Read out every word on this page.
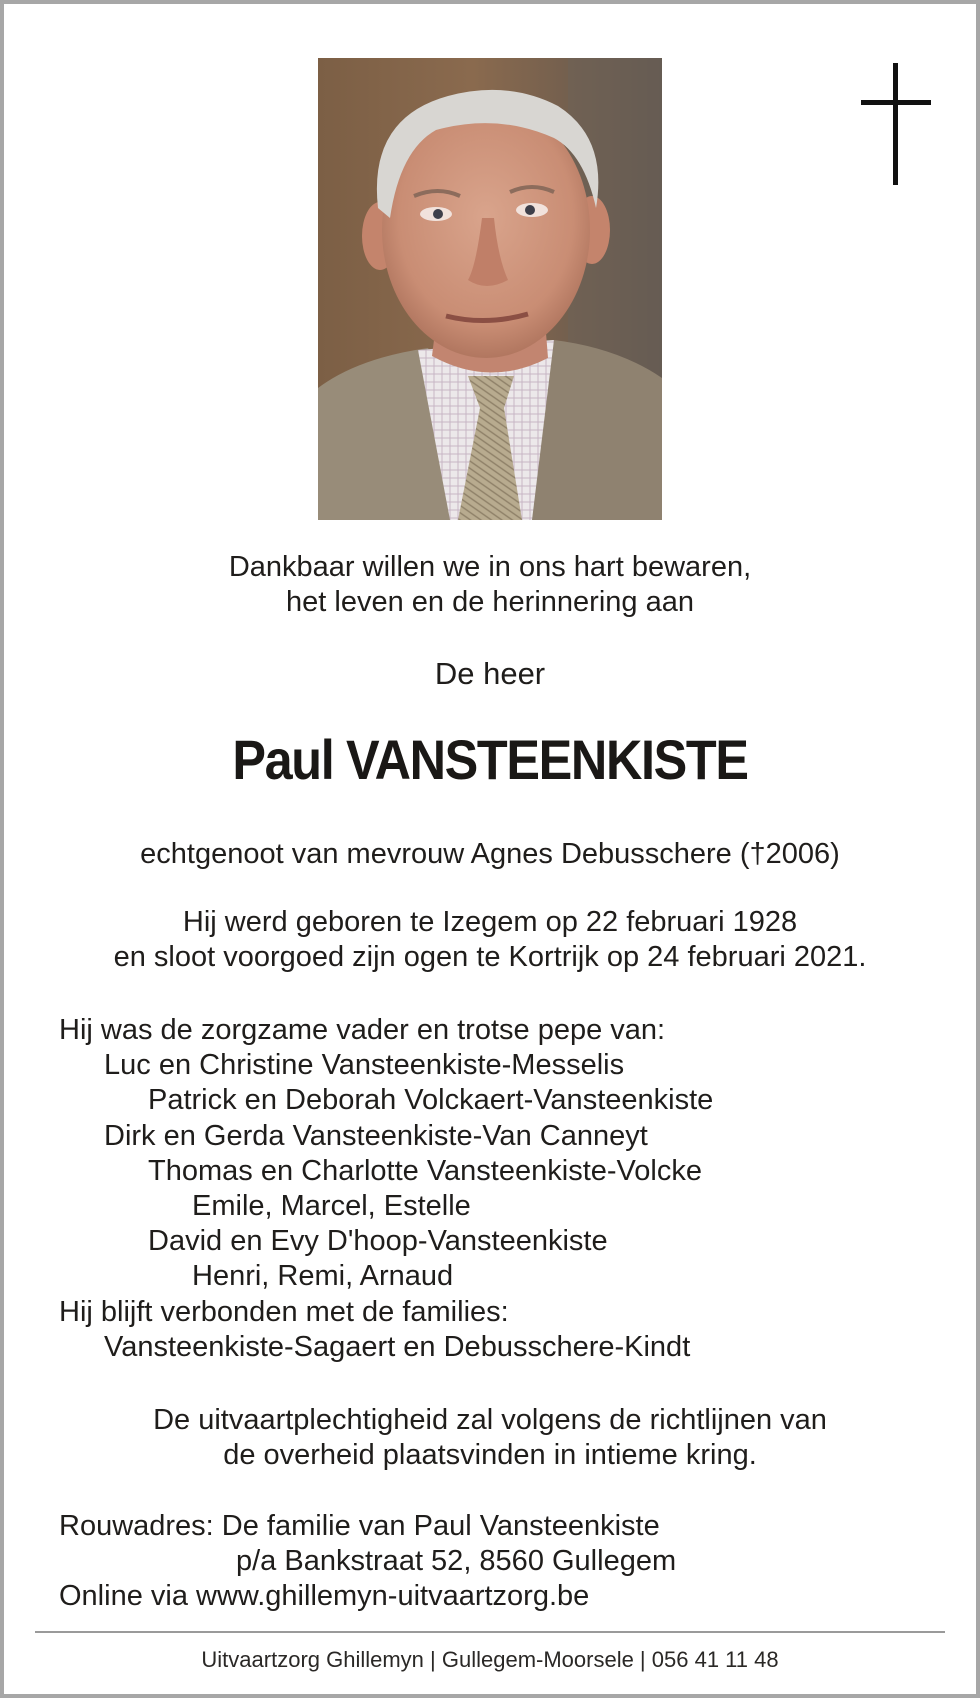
Dankbaar willen we in ons hart bewaren,
het leven en de herinnering aan
De heer
Paul VANSTEENKISTE
echtgenoot van mevrouw Agnes Debusschere (†2006)
Hij werd geboren te Izegem op 22 februari 1928
en sloot voorgoed zijn ogen te Kortrijk op 24 februari 2021.
Hij was de zorgzame vader en trotse pepe van:
Luc en Christine Vansteenkiste-Messelis
Patrick en Deborah Volckaert-Vansteenkiste
Dirk en Gerda Vansteenkiste-Van Canneyt
Thomas en Charlotte Vansteenkiste-Volcke
Emile, Marcel, Estelle
David en Evy D'hoop-Vansteenkiste
Henri, Remi, Arnaud
Hij blijft verbonden met de families:
Vansteenkiste-Sagaert en Debusschere-Kindt
De uitvaartplechtigheid zal volgens de richtlijnen van
de overheid plaatsvinden in intieme kring.
Rouwadres: De familie van Paul Vansteenkiste
p/a Bankstraat 52, 8560 Gullegem
Online via www.ghillemyn-uitvaartzorg.be
Uitvaartzorg Ghillemyn | Gullegem-Moorsele | 056 41 11 48
